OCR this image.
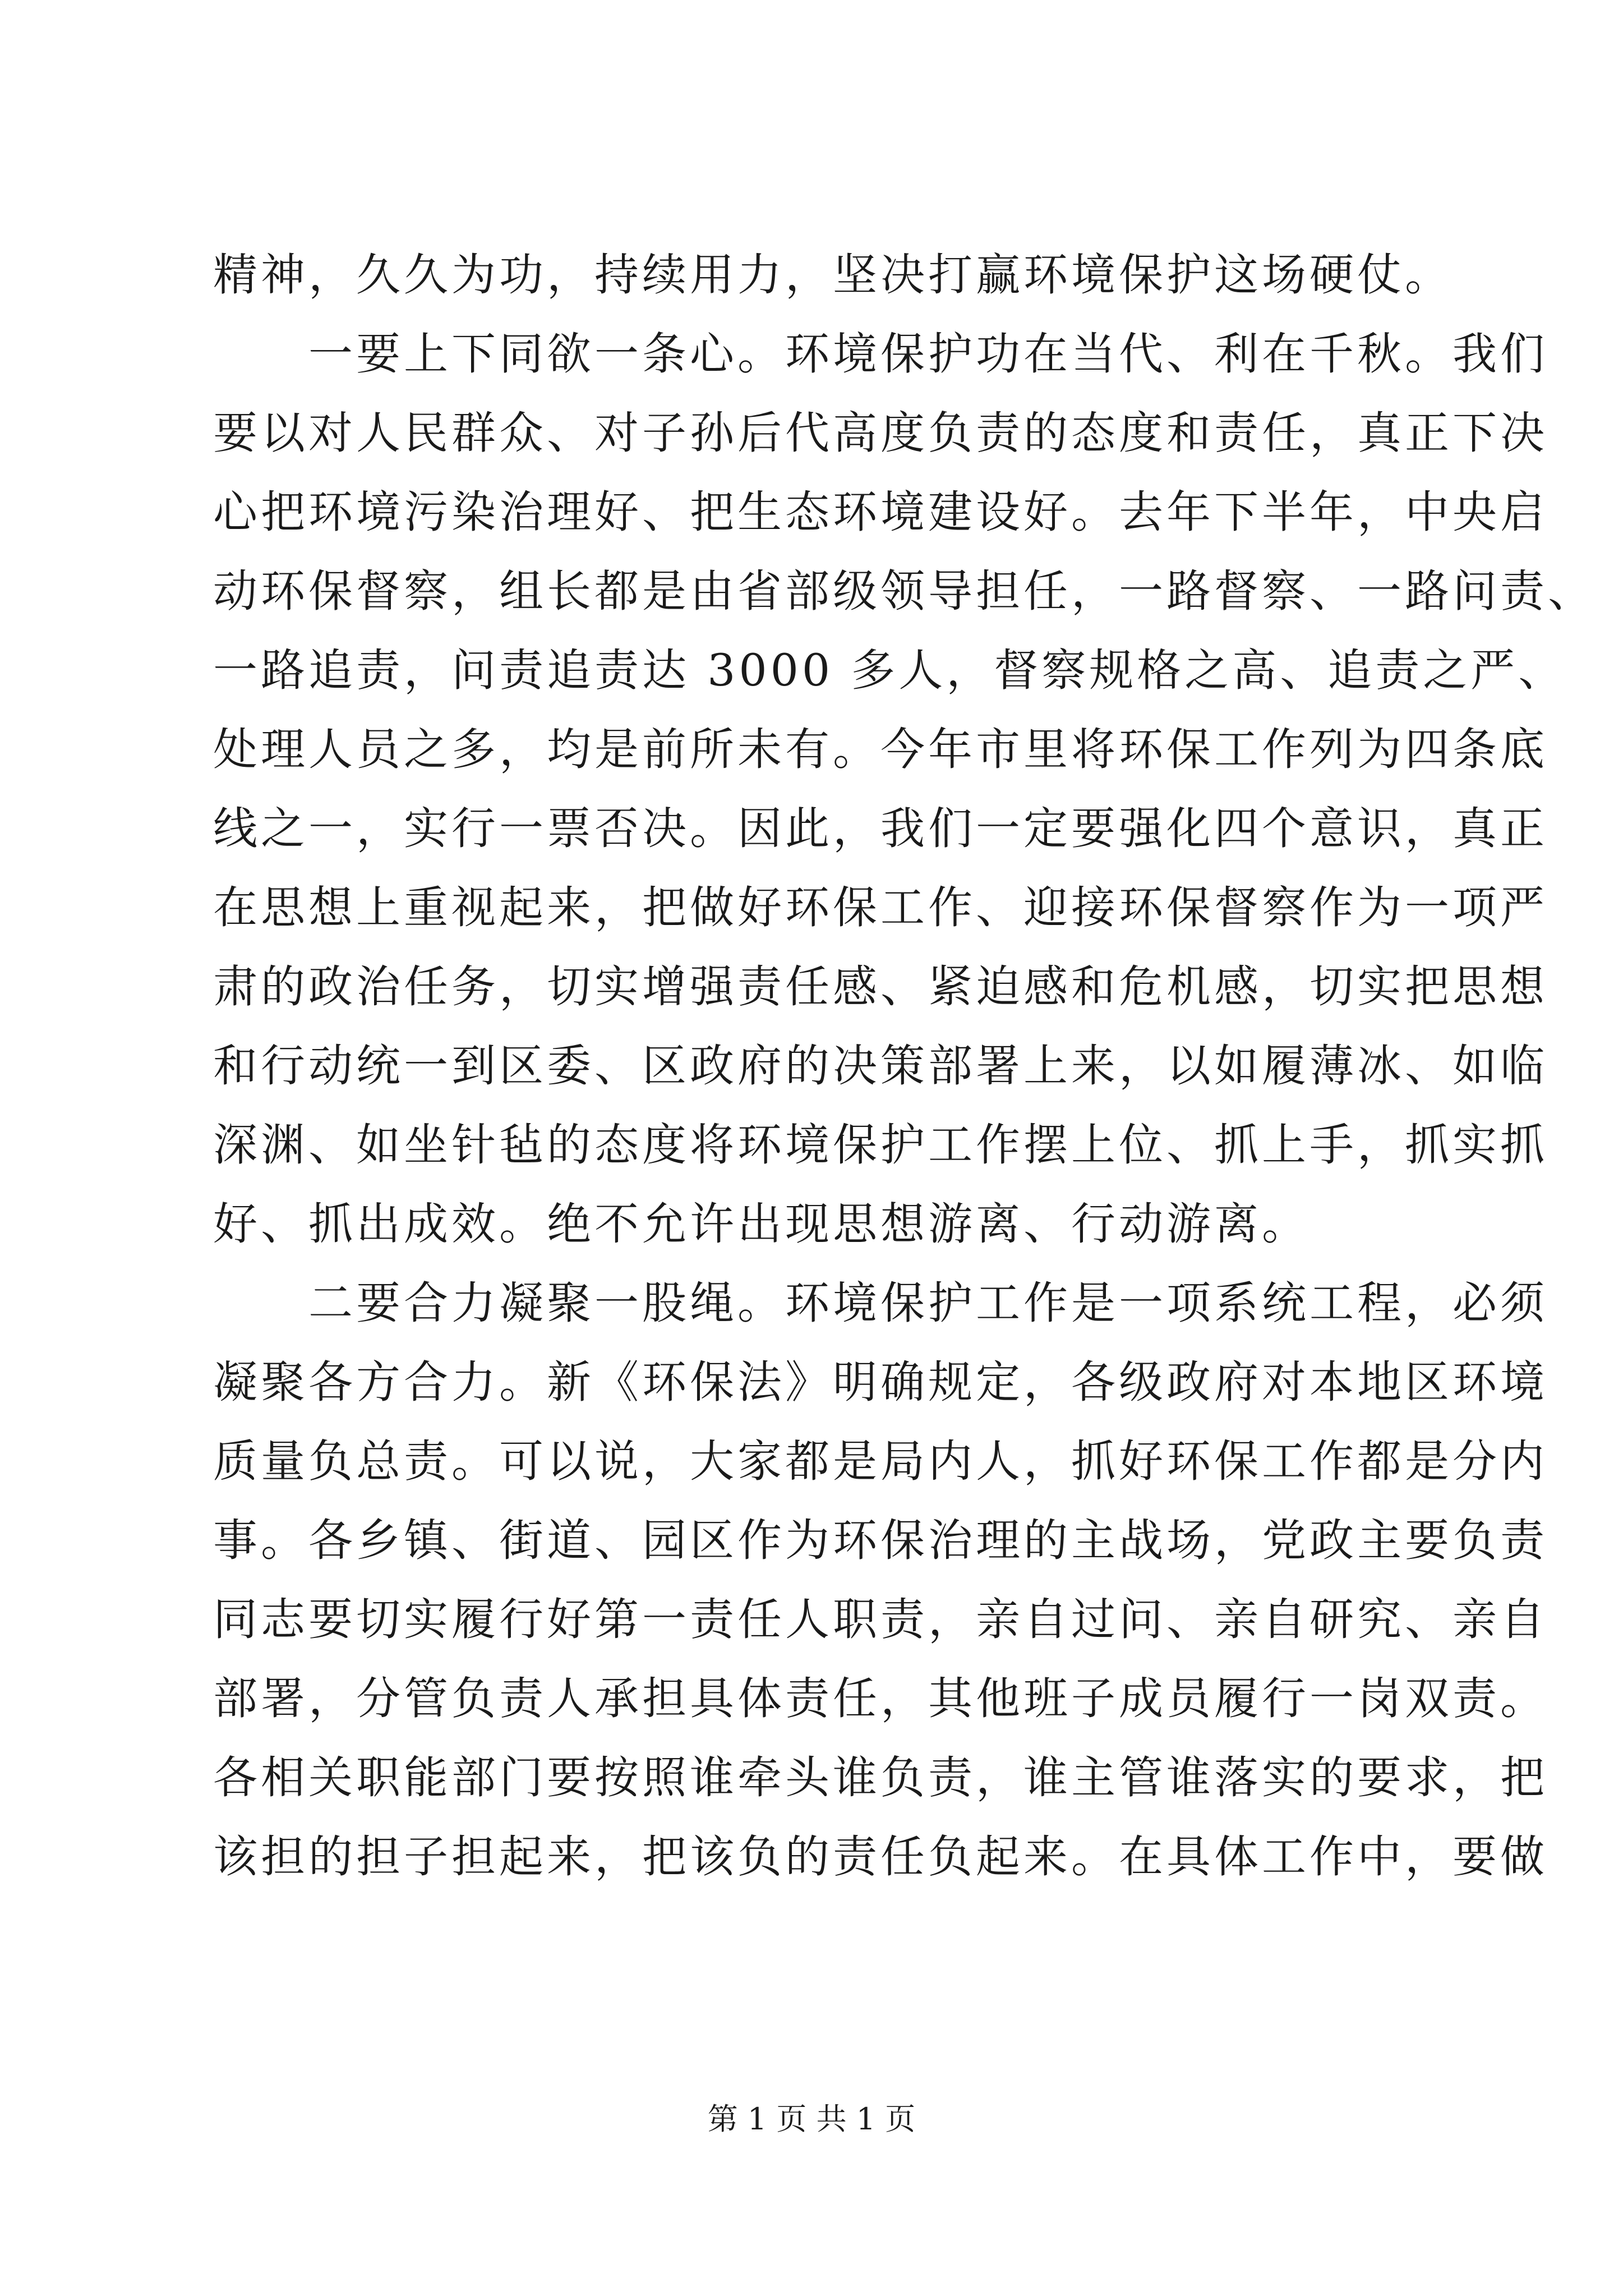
精神，久久为功，持续用力，坚决打赢环境保护这场硬仗。
一要上下同欲一条心。环境保护功在当代、利在千秋。我们
要以对人民群众、对子孙后代高度负责的态度和责任，真正下决
心把环境污染治理好、把生态环境建设好。去年下半年，中央启
动环保督察，组长都是由省部级领导担任，一路督察、一路问责、
一路追责，问责追责达 3000 多人，督察规格之高、追责之严、
处理人员之多，均是前所未有。今年市里将环保工作列为四条底
线之一，实行一票否决。因此，我们一定要强化四个意识，真正
在思想上重视起来，把做好环保工作、迎接环保督察作为一项严
肃的政治任务，切实增强责任感、紧迫感和危机感，切实把思想
和行动统一到区委、区政府的决策部署上来，以如履薄冰、如临
深渊、如坐针毡的态度将环境保护工作摆上位、抓上手，抓实抓
好、抓出成效。绝不允许出现思想游离、行动游离。
二要合力凝聚一股绳。环境保护工作是一项系统工程，必须
凝聚各方合力。新《环保法》明确规定，各级政府对本地区环境
质量负总责。可以说，大家都是局内人，抓好环保工作都是分内
事。各乡镇、街道、园区作为环保治理的主战场，党政主要负责
同志要切实履行好第一责任人职责，亲自过问、亲自研究、亲自
部署，分管负责人承担具体责任，其他班子成员履行一岗双责。
各相关职能部门要按照谁牵头谁负责，谁主管谁落实的要求，把
该担的担子担起来，把该负的责任负起来。在具体工作中，要做
第 1 页 共 1 页
